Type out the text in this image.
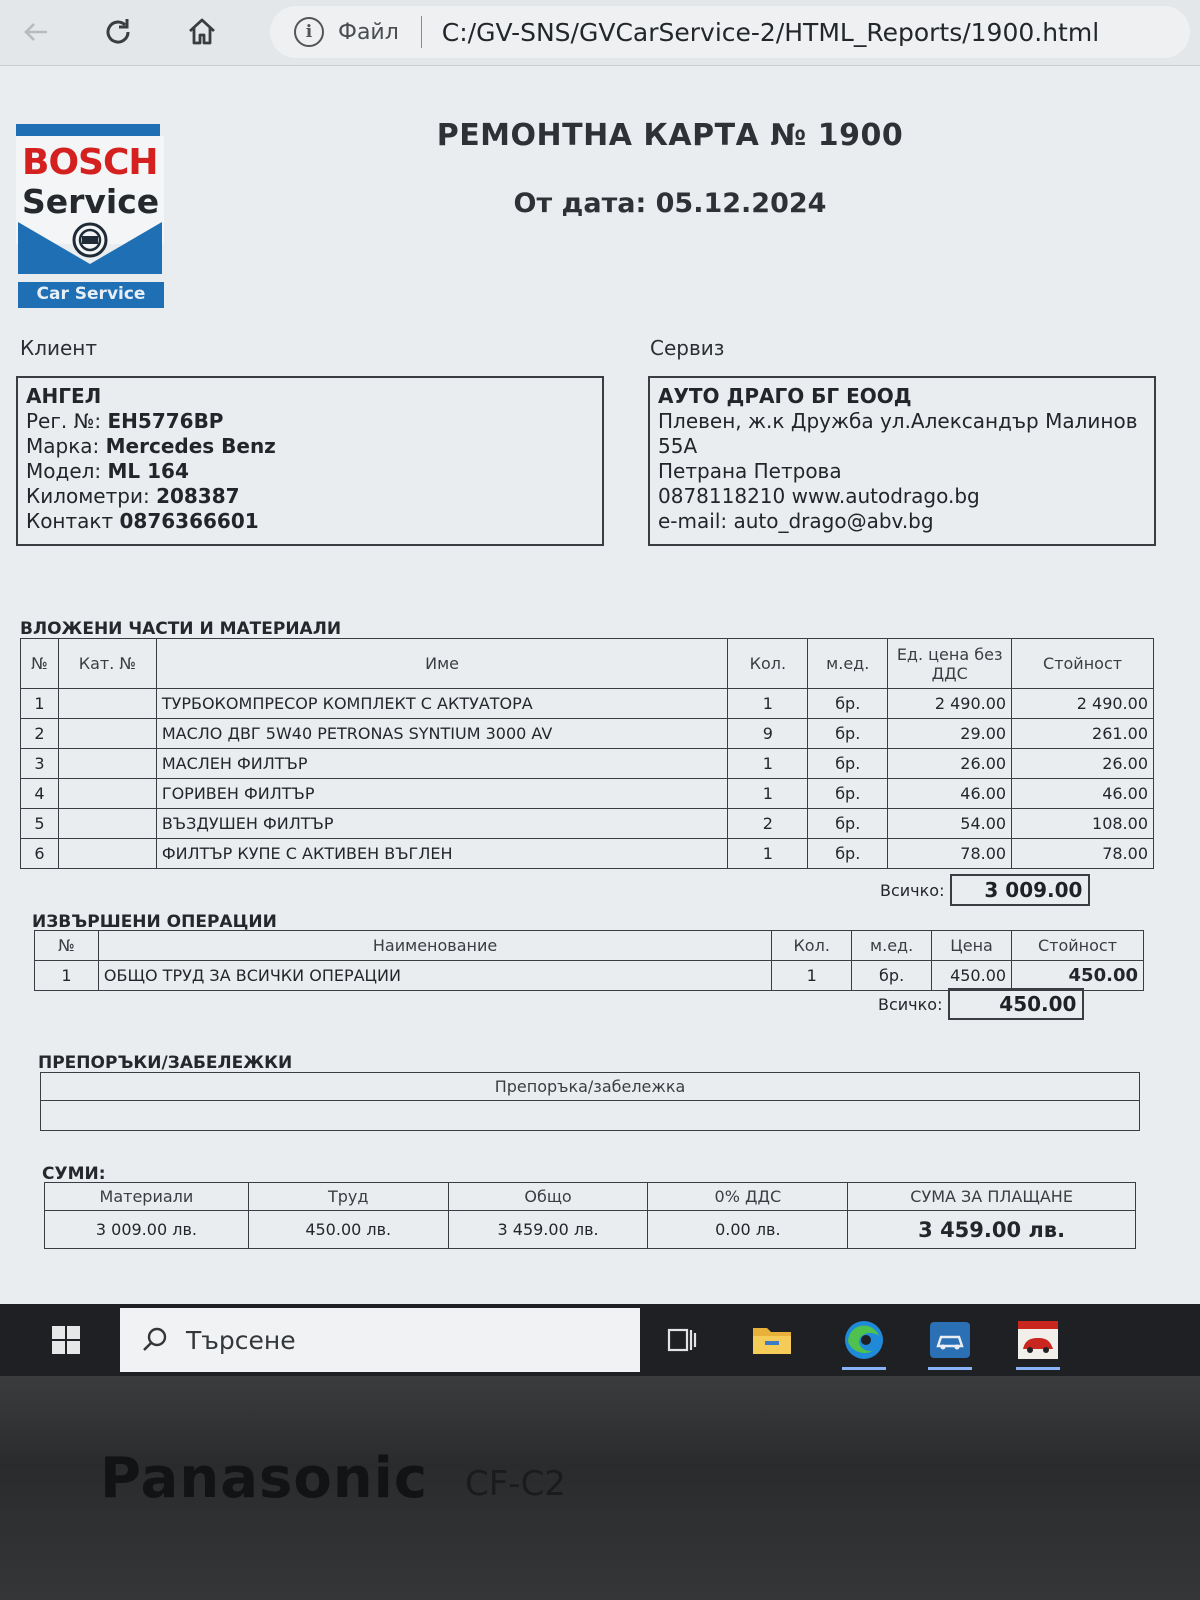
i	Файл C:/GV-SNS/GVCarService-2/HTML_Reports/1900.html
BOSCH
Service
Car Service
РЕМОНТНА КАРТА № 1900
От дата: 05.12.2024
Клиент	Сервиз
АНГЕЛ
Рег. №: EH5776BP
Марка: Mercedes Benz
Модел: ML 164
Километри: 208387
Контакт 0876366601
АУТО ДРАГО БГ ЕООД
Плевен, ж.к Дружба ул.Александър Малинов
55А
Петрана Петрова
0878118210 www.autodrago.bg
e-mail: auto_drago@abv.bg
ВЛОЖЕНИ ЧАСТИ И МАТЕРИАЛИ
№	Кат. №	Име	Кол.	м.ед.	Ед. цена без ДДС	Стойност
1		ТУРБОКОМПРЕСОР КОМПЛЕКТ С АКТУАТОРА	1	бр.	2 490.00	2 490.00
2		МАСЛО ДВГ 5W40 PETRONAS SYNTIUM 3000 AV	9	бр.	29.00	261.00
3		МАСЛЕН ФИЛТЪР	1	бр.	26.00	26.00
4		ГОРИВЕН ФИЛТЪР	1	бр.	46.00	46.00
5		ВЪЗДУШЕН ФИЛТЪР	2	бр.	54.00	108.00
6		ФИЛТЪР КУПЕ С АКТИВЕН ВЪГЛЕН	1	бр.	78.00	78.00
Всичко:	3 009.00
ИЗВЪРШЕНИ ОПЕРАЦИИ
№	Наименование	Кол.	м.ед.	Цена	Стойност
1	ОБЩО ТРУД ЗА ВСИЧКИ ОПЕРАЦИИ	1	бр.	450.00	450.00
Всичко:	450.00
ПРЕПОРЪКИ/ЗАБЕЛЕЖКИ
Препоръка/забележка

СУМИ:
Материали	Труд	Общо	0% ДДС	СУМА ЗА ПЛАЩАНЕ
3 009.00 лв.	450.00 лв.	3 459.00 лв.	0.00 лв.	3 459.00 лв.
Търсене
Panasonic CF-C2
